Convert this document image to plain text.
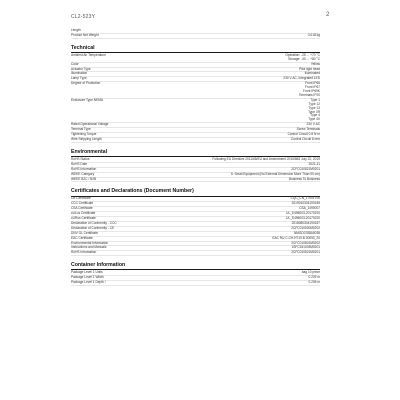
CL2-523Y	2
Length
Product Net Weight	0.018 kg
Technical
Ambient Air Temperature	Operation: -25 ... +70 °C
Storage: -40 ... +80 °C
Color	Yellow
Actuator Type	Pilot light head
Illumination	Illuminated
Lamp Type	230 V AC, Integrated LED
Degree of Protection	Front IP66
Front IP67
Front IP69K
Terminals IP20
Enclosure Type NEMA	Type 1
Type 12
Type 13
Type 3R
Type 4
Type 4X
Rated Operational Voltage	230 V AC
Terminal Type	Screw Terminals
Tightening Torque	Control Circuit 0.8 N·m
Wire Stripping Length	Control Circuit 8 mm
Environmental
RoHS Status	Following EU Directive 2011/65/EU and Amendment 2015/863 July 22, 2019
RoHS Date	2021-11
RoHS Information	2CFC010521M0201
WEEE Category	5. Small Equipment (No External Dimension More Than 50 cm)
WEEE B2C / B2B	Business To Business
Certificates and Declarations (Document Number)
CB Certificate	CQC_CN_17001700
CCC Certificate	2019010304190185
CSA Certificate	CSA_1490007
cULus Certificate	UL_E496003-20170220
cURus Certificate	UL_E496003-20170220
Declaration of Conformity - CCC	2018080304190187
Declaration of Conformity - CE	2CFC010520M0202
DNV GL Certificate	NMGD0788A0038
EAC Certificate	EAC RU C-CH.HT19.B.00090_20
Environmental Information	2CFC010601M0202
Instructions and Manuals	1SFC151003M0201
RoHS Information	2CFC010521M0201
Container Information
Package Level 1 Units	bag 10 piece
Package Level 1 Width	0.225 m
Package Level 1 Depth /	0.205 m
